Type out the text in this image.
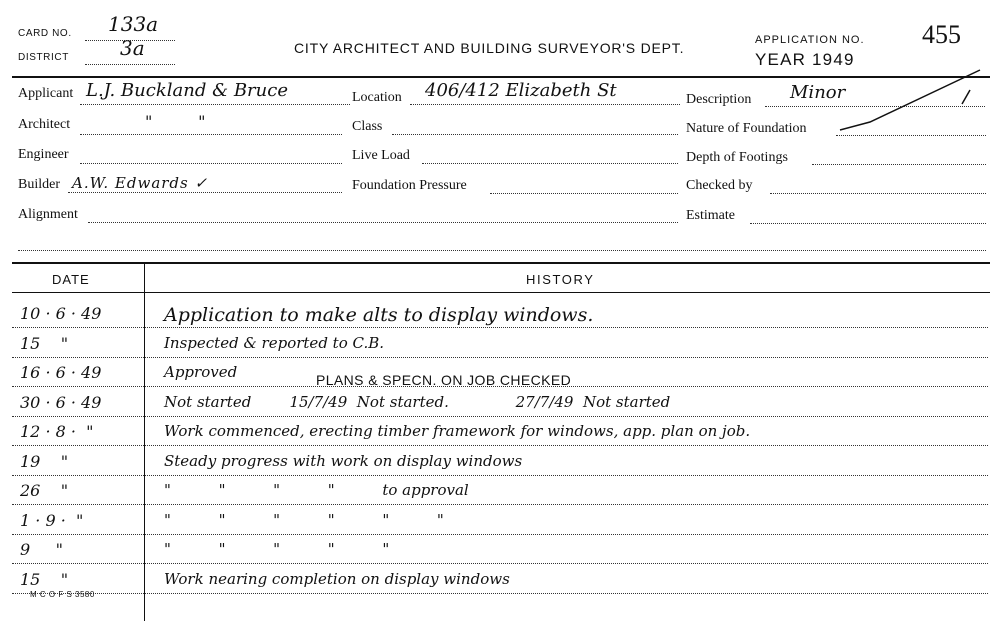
CARD NO. 133a
DISTRICT	3a	CITY ARCHITECT AND BUILDING SURVEYOR'S DEPT.	APPLICATION NO. 455
YEAR 1949
Applicant L.J. Buckland & Bruce	Location 406/412 Elizabeth St	Description Minor
Architect	"         "	Class	Nature of Foundation
Engineer	Live Load	Depth of Footings
Builder A.W. Edwards ✓	Foundation Pressure	Checked by
Alignment	Estimate
DATE	HISTORY
10 · 6 · 49	Application to make alts to display windows.
15    "	Inspected & reported to C.B.
16 · 6 · 49	Approved
30 · 6 · 49	Not started        15/7/49  Not started.              27/7/49  Not started
12 · 8 ·  "	Work commenced, erecting timber framework for windows, app. plan on job.
19    "	Steady progress with work on display windows
26    "	"          "          "          "          to approval
1 · 9 ·  "	"          "          "          "          "          "
9     "	"          "          "          "          "
15    "	Work nearing completion on display windows
PLANS & SPECN. ON JOB CHECKED
M C O F S 3580
